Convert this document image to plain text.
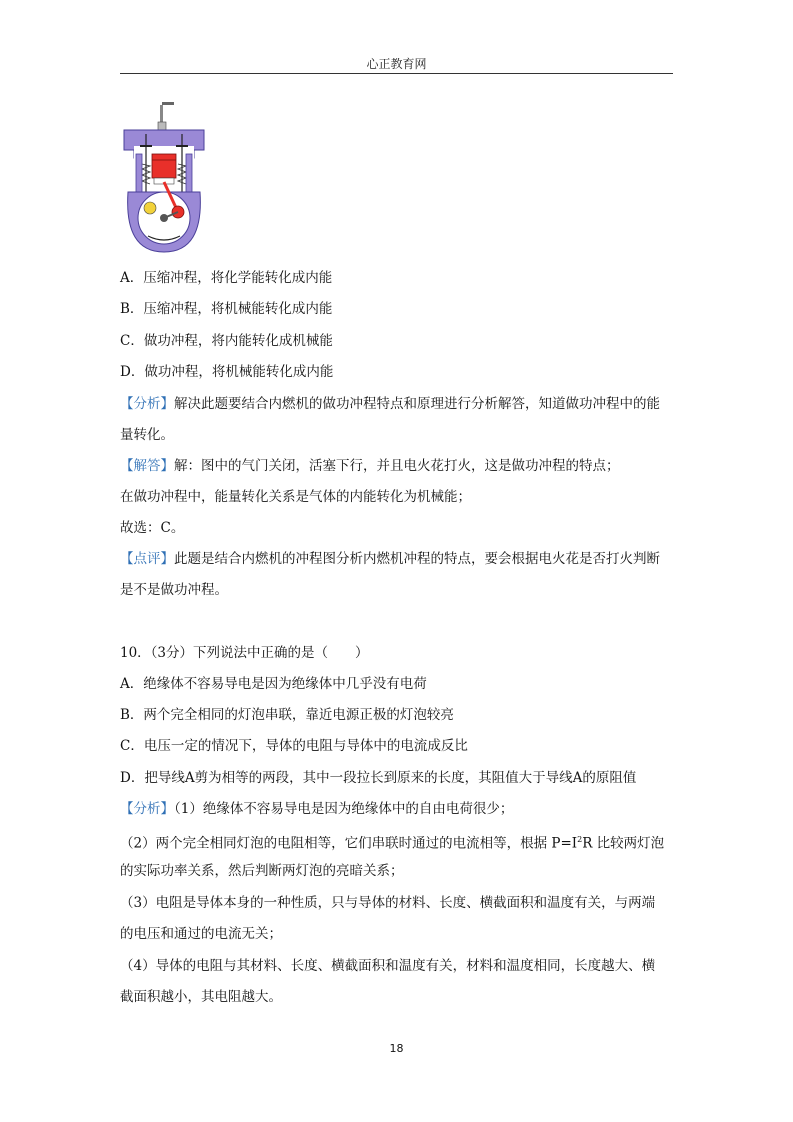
心正教育网
A．压缩冲程，将化学能转化成内能
B．压缩冲程，将机械能转化成内能
C．做功冲程，将内能转化成机械能
D．做功冲程，将机械能转化成内能
【分析】解决此题要结合内燃机的做功冲程特点和原理进行分析解答，知道做功冲程中的能
量转化。
【解答】解：图中的气门关闭，活塞下行，并且电火花打火，这是做功冲程的特点；
在做功冲程中，能量转化关系是气体的内能转化为机械能；
故选：C。
【点评】此题是结合内燃机的冲程图分析内燃机冲程的特点，要会根据电火花是否打火判断
是不是做功冲程。
10．（3分）下列说法中正确的是（　　）
A．绝缘体不容易导电是因为绝缘体中几乎没有电荷
B．两个完全相同的灯泡串联，靠近电源正极的灯泡较亮
C．电压一定的情况下，导体的电阻与导体中的电流成反比
D．把导线A剪为相等的两段，其中一段拉长到原来的长度，其阻值大于导线A的原阻值
【分析】（1）绝缘体不容易导电是因为绝缘体中的自由电荷很少；
（2）两个完全相同灯泡的电阻相等，它们串联时通过的电流相等，根据 $P=I^2R$ 比较两灯泡
的实际功率关系，然后判断两灯泡的亮暗关系；
（3）电阻是导体本身的一种性质，只与导体的材料、长度、横截面积和温度有关，与两端
的电压和通过的电流无关；
（4）导体的电阻与其材料、长度、横截面积和温度有关，材料和温度相同，长度越大、横
截面积越小，其电阻越大。
18
